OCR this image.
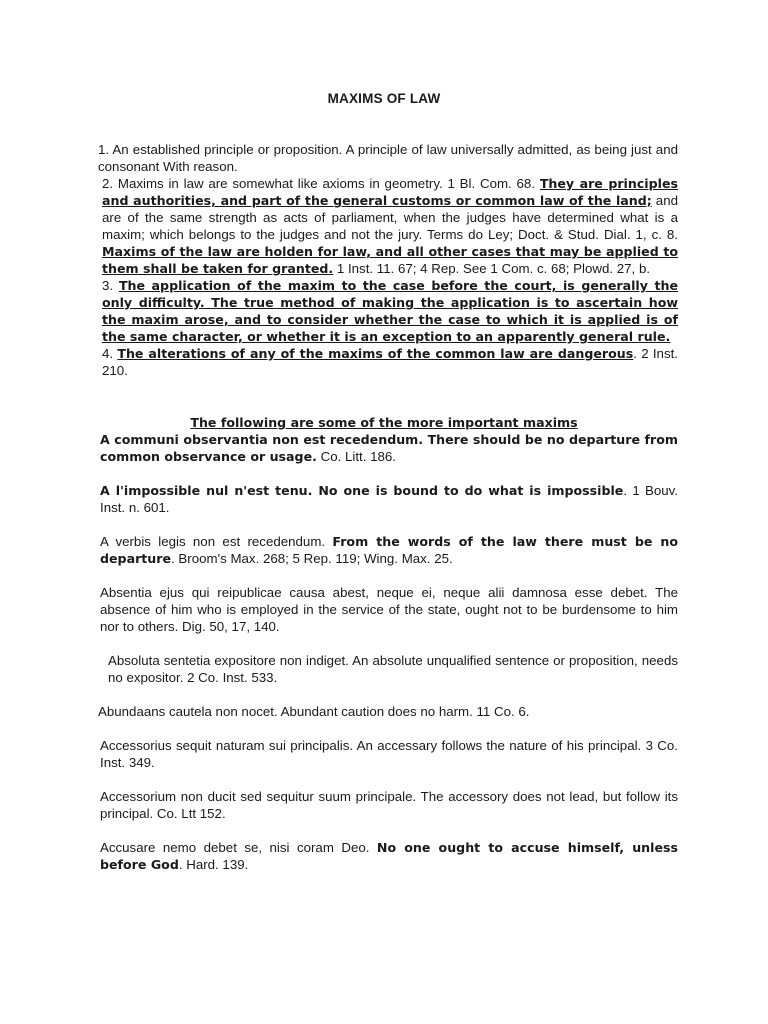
MAXIMS OF LAW

1. An established principle or proposition. A principle of law universally admitted, as being just and consonant With reason.

2. Maxims in law are somewhat like axioms in geometry. 1 Bl. Com. 68. They are principles and authorities, and part of the general customs or common law of the land; and are of the same strength as acts of parliament, when the judges have determined what is a maxim; which belongs to the judges and not the jury. Terms do Ley; Doct. & Stud. Dial. 1, c. 8. Maxims of the law are holden for law, and all other cases that may be applied to them shall be taken for granted. 1 Inst. 11. 67; 4 Rep. See 1 Com. c. 68; Plowd. 27, b.

3. The application of the maxim to the case before the court, is generally the only difficulty. The true method of making the application is to ascertain how the maxim arose, and to consider whether the case to which it is applied is of the same character, or whether it is an exception to an apparently general rule.

4. The alterations of any of the maxims of the common law are dangerous. 2 Inst. 210.

The following are some of the more important maxims

A communi observantia non est recedendum. There should be no departure from common observance or usage. Co. Litt. 186.

A l'impossible nul n'est tenu. No one is bound to do what is impossible. 1 Bouv. Inst. n. 601.

A verbis legis non est recedendum. From the words of the law there must be no departure. Broom's Max. 268; 5 Rep. 119; Wing. Max. 25.

Absentia ejus qui reipublicae causa abest, neque ei, neque alii damnosa esse debet. The absence of him who is employed in the service of the state, ought not to be burdensome to him nor to others. Dig. 50, 17, 140.

Absoluta sentetia expositore non indiget. An absolute unqualified sentence or proposition, needs no expositor. 2 Co. Inst. 533.

Abundaans cautela non nocet. Abundant caution does no harm. 11 Co. 6.

Accessorius sequit naturam sui principalis. An accessary follows the nature of his principal. 3 Co. Inst. 349.

Accessorium non ducit sed sequitur suum principale. The accessory does not lead, but follow its principal. Co. Ltt 152.

Accusare nemo debet se, nisi coram Deo. No one ought to accuse himself, unless before God. Hard. 139.
